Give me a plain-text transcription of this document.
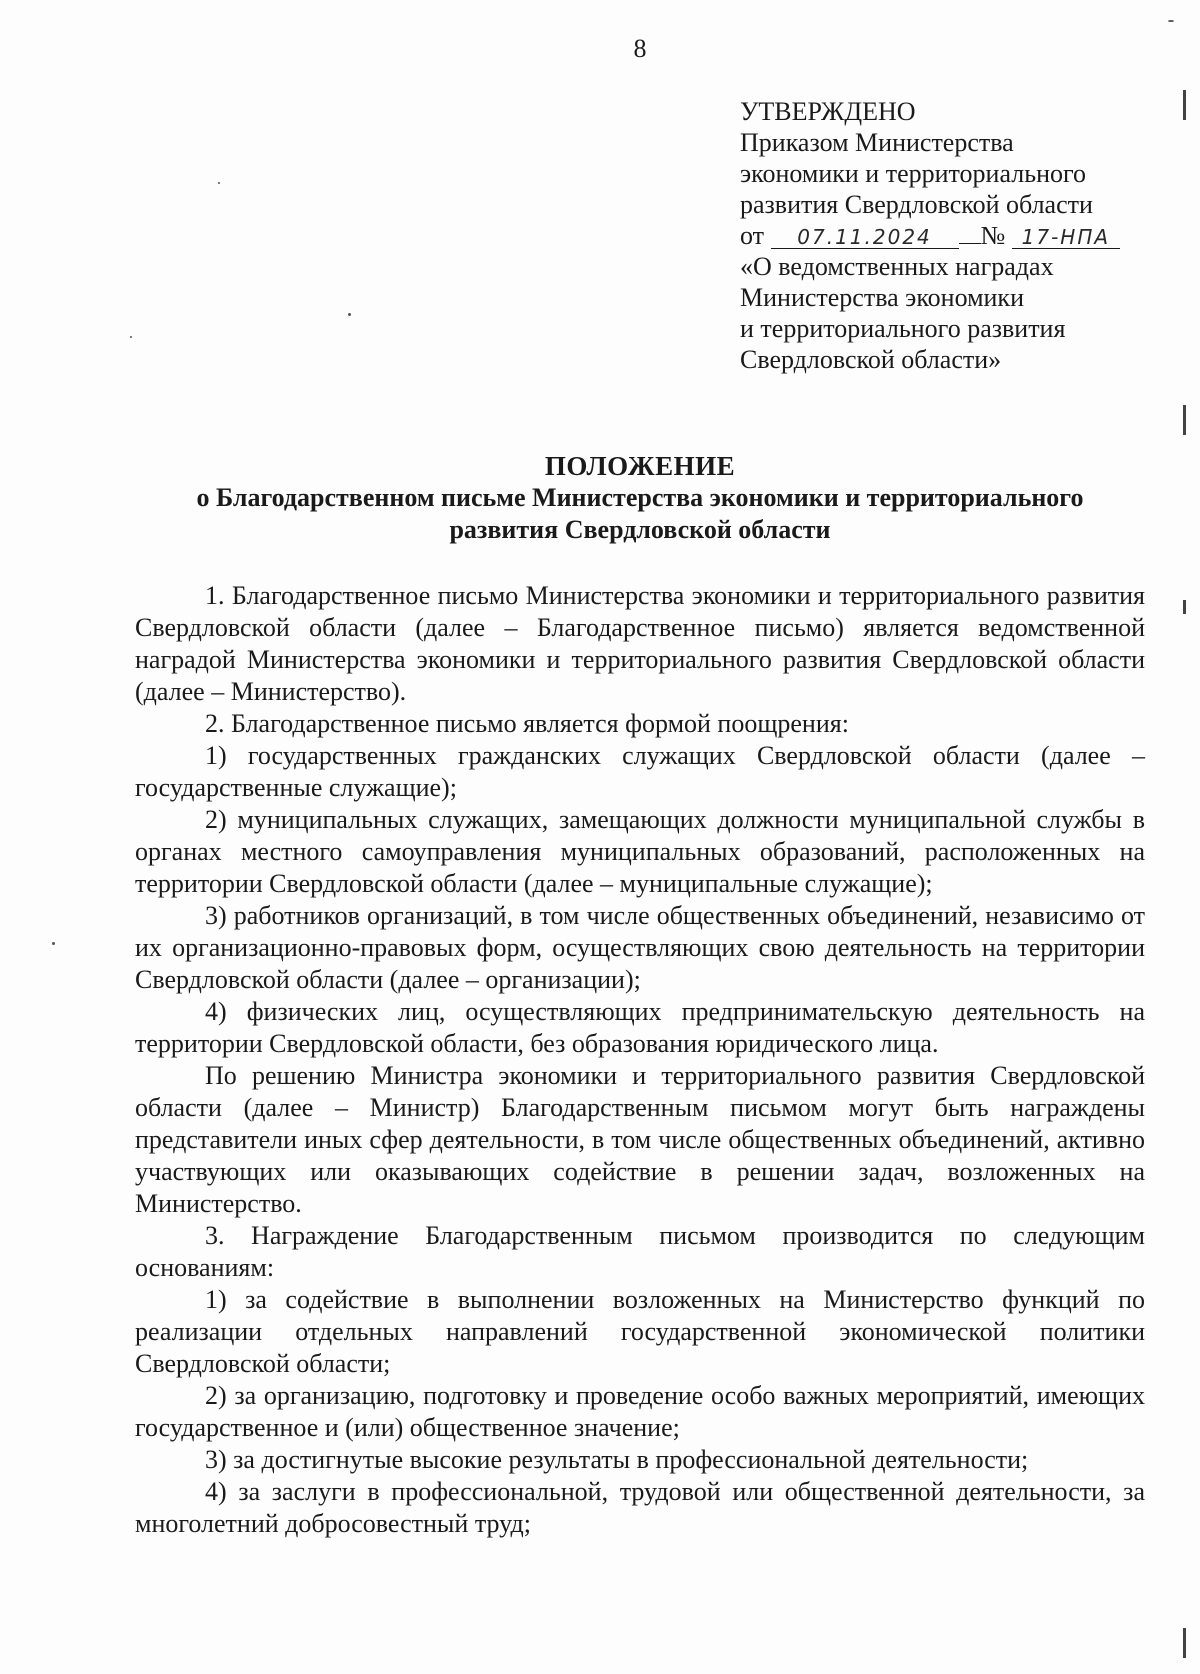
8
УТВЕРЖДЕНО
Приказом Министерства
экономики и территориального
развития Свердловской области
от 07.11.2024 № 17-НПА
«О ведомственных наградах
Министерства экономики
и территориального развития
Свердловской области»
ПОЛОЖЕНИЕ
о Благодарственном письме Министерства экономики и территориального
развития Свердловской области

1. Благодарственное письмо Министерства экономики и территориального развития Свердловской области (далее – Благодарственное письмо) является ведомственной наградой Министерства экономики и территориального развития Свердловской области (далее – Министерство).

2. Благодарственное письмо является формой поощрения:

1) государственных гражданских служащих Свердловской области (далее – государственные служащие);

2) муниципальных служащих, замещающих должности муниципальной службы в органах местного самоуправления муниципальных образований, расположенных на территории Свердловской области (далее – муниципальные служащие);

3) работников организаций, в том числе общественных объединений, независимо от их организационно-правовых форм, осуществляющих свою деятельность на территории Свердловской области (далее – организации);

4) физических лиц, осуществляющих предпринимательскую деятельность на территории Свердловской области, без образования юридического лица.

По решению Министра экономики и территориального развития Свердловской области (далее – Министр) Благодарственным письмом могут быть награждены представители иных сфер деятельности, в том числе общественных объединений, активно участвующих или оказывающих содействие в решении задач, возложенных на Министерство.

3. Награждение Благодарственным письмом производится по следующим основаниям:

1) за содействие в выполнении возложенных на Министерство функций по реализации отдельных направлений государственной экономической политики Свердловской области;

2) за организацию, подготовку и проведение особо важных мероприятий, имеющих государственное и (или) общественное значение;

3) за достигнутые высокие результаты в профессиональной деятельности;

4) за заслуги в профессиональной, трудовой или общественной деятельности, за многолетний добросовестный труд;
